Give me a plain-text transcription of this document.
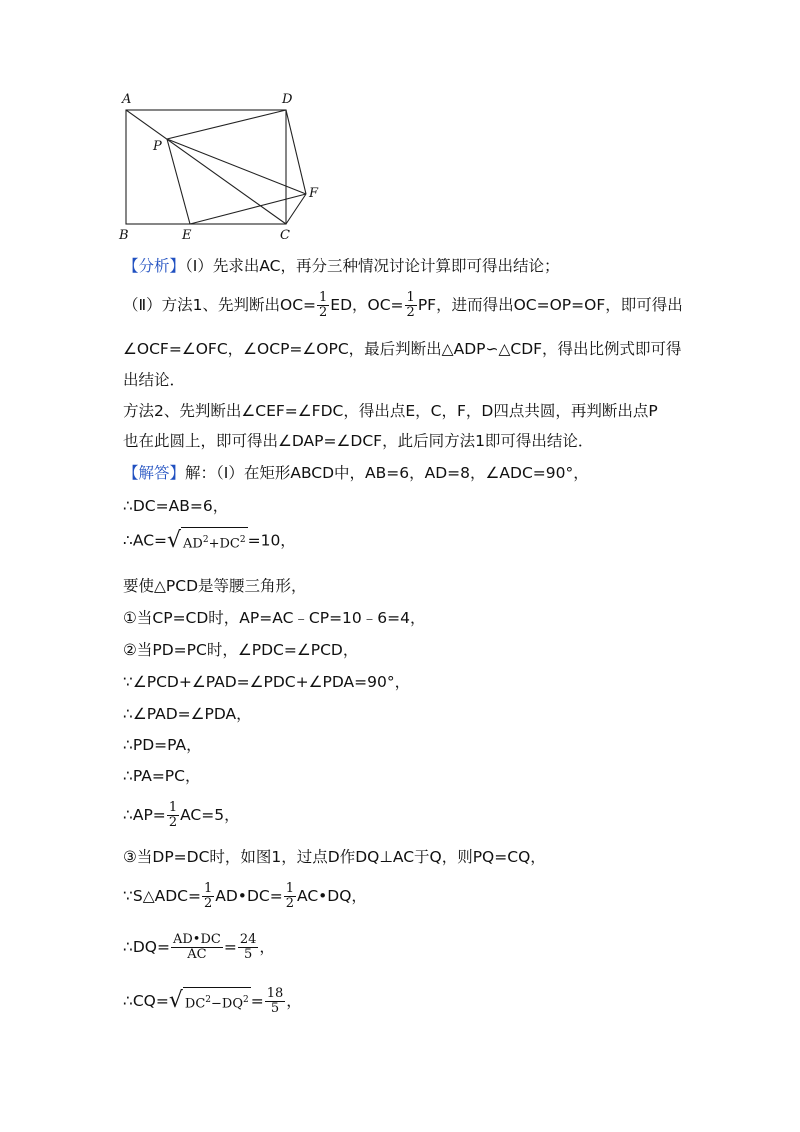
A	D
P
F
B	E	C
【分析】（Ⅰ）先求出AC，再分三种情况讨论计算即可得出结论；
（Ⅱ）方法1、先判断出$OC= \frac{1}{2}$ ED，$OC= \frac{1}{2}$ PF，进而得出OC=OP=OF，即可得出
∠OCF=∠OFC，∠OCP=∠OPC，最后判断出△ADP∽△CDF，得出比例式即可得
出结论．
方法2、先判断出∠CEF=∠FDC，得出点E，C，F，D四点共圆，再判断出点P
也在此圆上，即可得出∠DAP=∠DCF，此后同方法1即可得出结论．
【解答】解：（Ⅰ）在矩形ABCD中，AB=6，AD=8，∠ADC=90°，
∴DC=AB=6，
∴AC=√ $AD^2+DC^2 =10$，
要使△PCD是等腰三角形，
①当CP=CD时，AP=AC﹣CP=10﹣6=4，
②当PD=PC时，∠PDC=∠PCD，
∵∠PCD+∠PAD=∠PDC+∠PDA=90°，
∴∠PAD=∠PDA，
∴PD=PA，
∴PA=PC，
∴AP= $\frac{1}{2} AC=5$，
③当DP=DC时，如图1，过点D作DQ⊥AC于Q，则PQ=CQ，
∵S△ADC= $\frac{1}{2}$ AD•DC= $\frac{1}{2}$ AC•DQ，
∴DQ= $\frac{AD•DC}{AC} = \frac{24}{5}$ ，
∴CQ=√ $DC^2-DQ^2 = \frac{18}{5}$ ，
